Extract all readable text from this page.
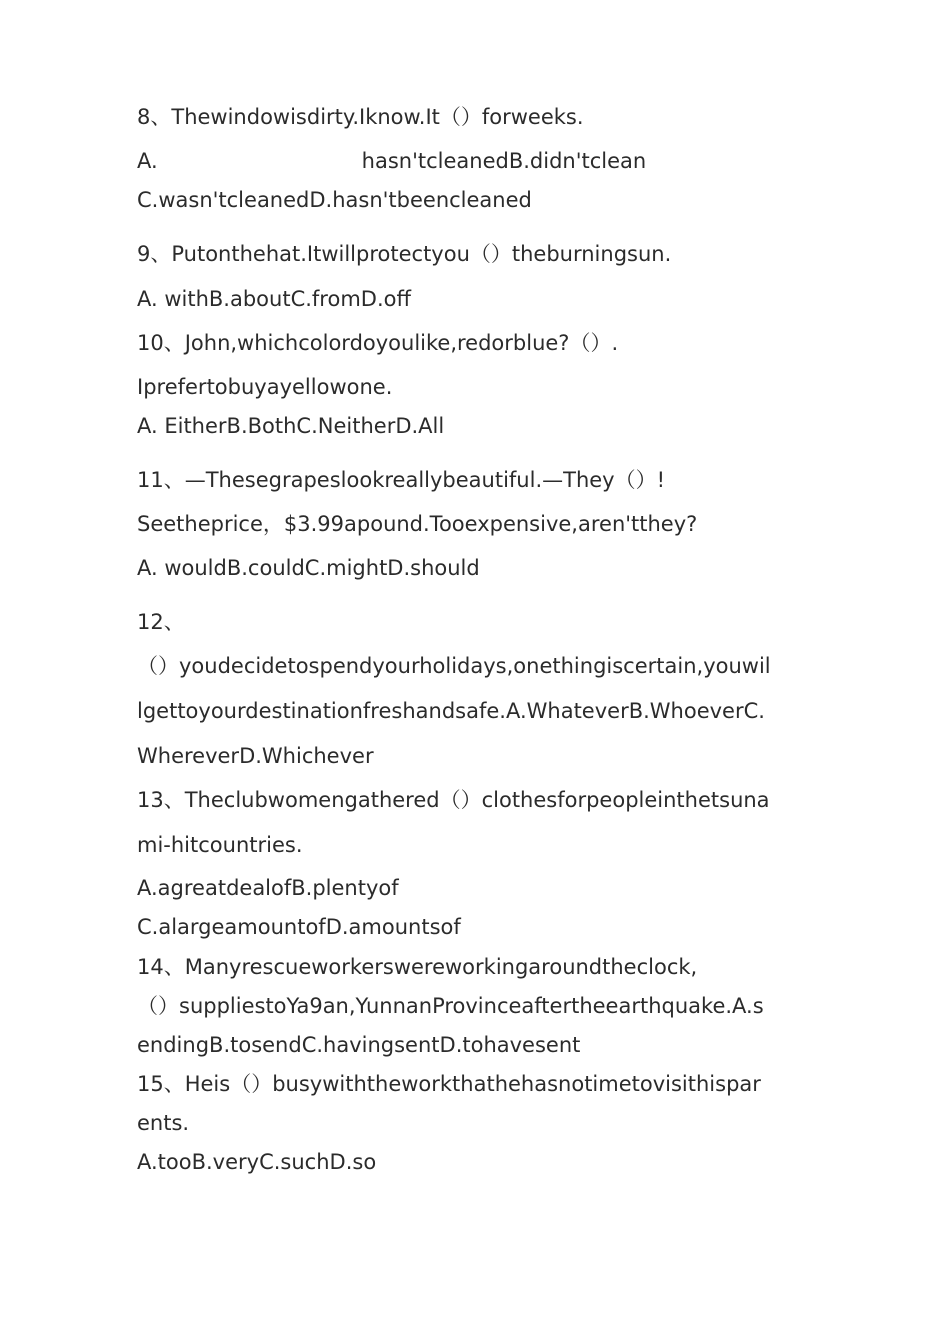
8、Thewindowisdirty.Iknow.It（）forweeks.

A.	hasn'tcleanedB.didn'tclean

C.wasn'tcleanedD.hasn'tbeencleaned

9、Putonthehat.Itwillprotectyou（）theburningsun.

A. withB.aboutC.fromD.off

10、John,whichcolordoyoulike,redorblue?（）.

Iprefertobuyayellowone.

A. EitherB.BothC.NeitherD.All

11、—Thesegrapeslookreallybeautiful.—They（）!

Seetheprice，$3.99apound.Tooexpensive,aren'tthey?

A. wouldB.couldC.mightD.should

12、

（）youdecidetospendyourholidays,onethingiscertain,youwil

lgettoyourdestinationfreshandsafe.A.WhateverB.WhoeverC.

WhereverD.Whichever

13、Theclubwomengathered（）clothesforpeopleinthetsuna

mi-hitcountries.

A.agreatdealofB.plentyof

C.alargeamountofD.amountsof

14、Manyrescueworkerswereworkingaroundtheclock,

（）suppliestoYa9an,YunnanProvinceaftertheearthquake.A.s

endingB.tosendC.havingsentD.tohavesent

15、Heis（）busywiththeworkthathehasnotimetovisithispar

ents.

A.tooB.veryC.suchD.so
